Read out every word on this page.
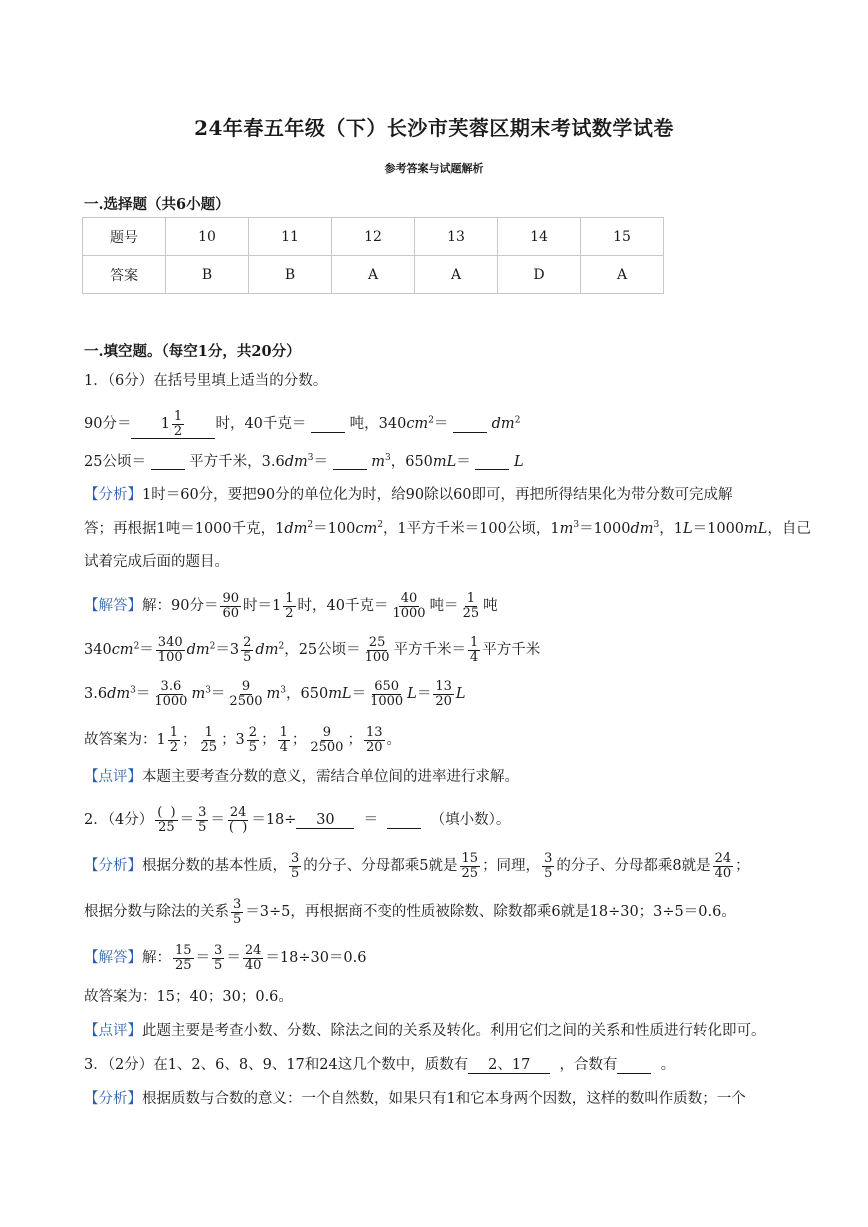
24年春五年级（下）长沙市芙蓉区期末考试数学试卷
参考答案与试题解析
一.选择题（共6小题）
题号	10	11	12	13	14	15
答案	B	B	A	A	D	A
一.填空题。（每空1分，共20分）
1．（6分）在括号里填上适当的分数。
90分＝ $1 \frac{1}{2}$ 时，40千克＝   吨，$340cm^2=$	$dm^2$
25公顷＝   平方千米，$3.6dm^3=$	$m^3$，650mL＝	L
【分析】1时＝60分，要把90分的单位化为时，给90除以60即可，再把所得结果化为带分数可完成解
答；再根据1吨＝1000千克，$1dm^2=100cm^2$，1平方千米＝100公顷，$1m^3=1000dm^3$，1L＝1000mL，自己
试着完成后面的题目。
【解答】解：90分＝ $\frac{90}{60}$ 时$=1 \frac{1}{2}$ 时，40千克＝ $\frac{40}{1000}$ 吨＝ $\frac{1}{25}$ 吨
$340cm^2= \frac{340}{100} dm^2=3 \frac{2}{5} dm^2$，25公顷＝ $\frac{25}{100}$ 平方千米＝ $\frac{1}{4}$ 平方千米
$3.6dm^3= \frac{3.6}{1000} m^3= \frac{9}{2500} m^3$，$650mL= \frac{650}{1000} L= \frac{13}{20}$ L
故答案为：$1 \frac{1}{2}$ ； $\frac{1}{25}$ ；$3 \frac{2}{5}$ ； $\frac{1}{4}$ ； $\frac{9}{2500}$ ； $\frac{13}{20}$ 。
【点评】本题主要考查分数的意义，需结合单位间的进率进行求解。
2．（4分） $\frac{( )}{25} = \frac{3}{5} = \frac{24}{( )} =18\div 30$  ＝	（填小数）。
【分析】根据分数的基本性质， $\frac{3}{5}$ 的分子、分母都乘5就是 $\frac{15}{25}$ ；同理， $\frac{3}{5}$ 的分子、分母都乘8就是 $\frac{24}{40}$ ；
根据分数与除法的关系 $\frac{3}{5} =3\div 5$，再根据商不变的性质被除数、除数都乘6就是18÷30；3÷5＝0.6。
【解答】解： $\frac{15}{25} = \frac{3}{5} = \frac{24}{40} =18\div 30=0.6$
故答案为：15；40；30；0.6。
【点评】此题主要是考查小数、分数、除法之间的关系及转化。利用它们之间的关系和性质进行转化即可。
3．（2分）在1、2、6、8、9、17和24这几个数中，质数有 2、17 ，合数有	。
【分析】根据质数与合数的意义：一个自然数，如果只有1和它本身两个因数，这样的数叫作质数；一个
